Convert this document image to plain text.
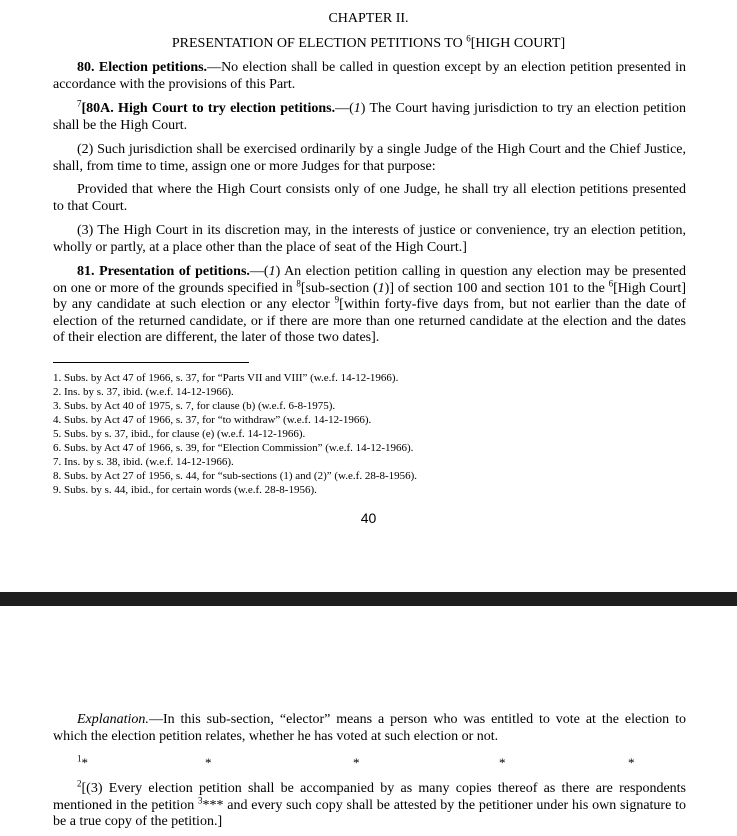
CHAPTER II.
PRESENTATION OF ELECTION PETITIONS TO $^6$[HIGH COURT]

80. Election petitions.—No election shall be called in question except by an election petition presented in accordance with the provisions of this Part.

$^7$[80A. High Court to try election petitions.—(1) The Court having jurisdiction to try an election petition shall be the High Court.

(2) Such jurisdiction shall be exercised ordinarily by a single Judge of the High Court and the Chief Justice, shall, from time to time, assign one or more Judges for that purpose:

Provided that where the High Court consists only of one Judge, he shall try all election petitions presented to that Court.

(3) The High Court in its discretion may, in the interests of justice or convenience, try an election petition, wholly or partly, at a place other than the place of seat of the High Court.]

81. Presentation of petitions.—(1) An election petition calling in question any election may be presented on one or more of the grounds specified in $^8$[sub-section (1)] of section 100 and section 101 to the $^6$[High Court] by any candidate at such election or any elector $^9$[within forty-five days from, but not earlier than the date of election of the returned candidate, or if there are more than one returned candidate at the election and the dates of their election are different, the later of those two dates].

1. Subs. by Act 47 of 1966, s. 37, for “Parts VII and VIII” (w.e.f. 14-12-1966).
2. Ins. by s. 37, ibid. (w.e.f. 14-12-1966).
3. Subs. by Act 40 of 1975, s. 7, for clause (b) (w.e.f. 6-8-1975).
4. Subs. by Act 47 of 1966, s. 37, for “to withdraw” (w.e.f. 14-12-1966).
5. Subs. by s. 37, ibid., for clause (e) (w.e.f. 14-12-1966).
6. Subs. by Act 47 of 1966, s. 39, for “Election Commission” (w.e.f. 14-12-1966).
7. Ins. by s. 38, ibid. (w.e.f. 14-12-1966).
8. Subs. by Act 27 of 1956, s. 44, for “sub-sections (1) and (2)” (w.e.f. 28-8-1956).
9. Subs. by s. 44, ibid., for certain words (w.e.f. 28-8-1956).
40

Explanation.—In this sub-section, “elector” means a person who was entitled to vote at the election to which the election petition relates, whether he has voted at such election or not.

$^1$ *	*	*	*	*

$^2$[(3) Every election petition shall be accompanied by as many copies thereof as there are respondents mentioned in the petition $^3$*** and every such copy shall be attested by the petitioner under his own signature to be a true copy of the petition.]
